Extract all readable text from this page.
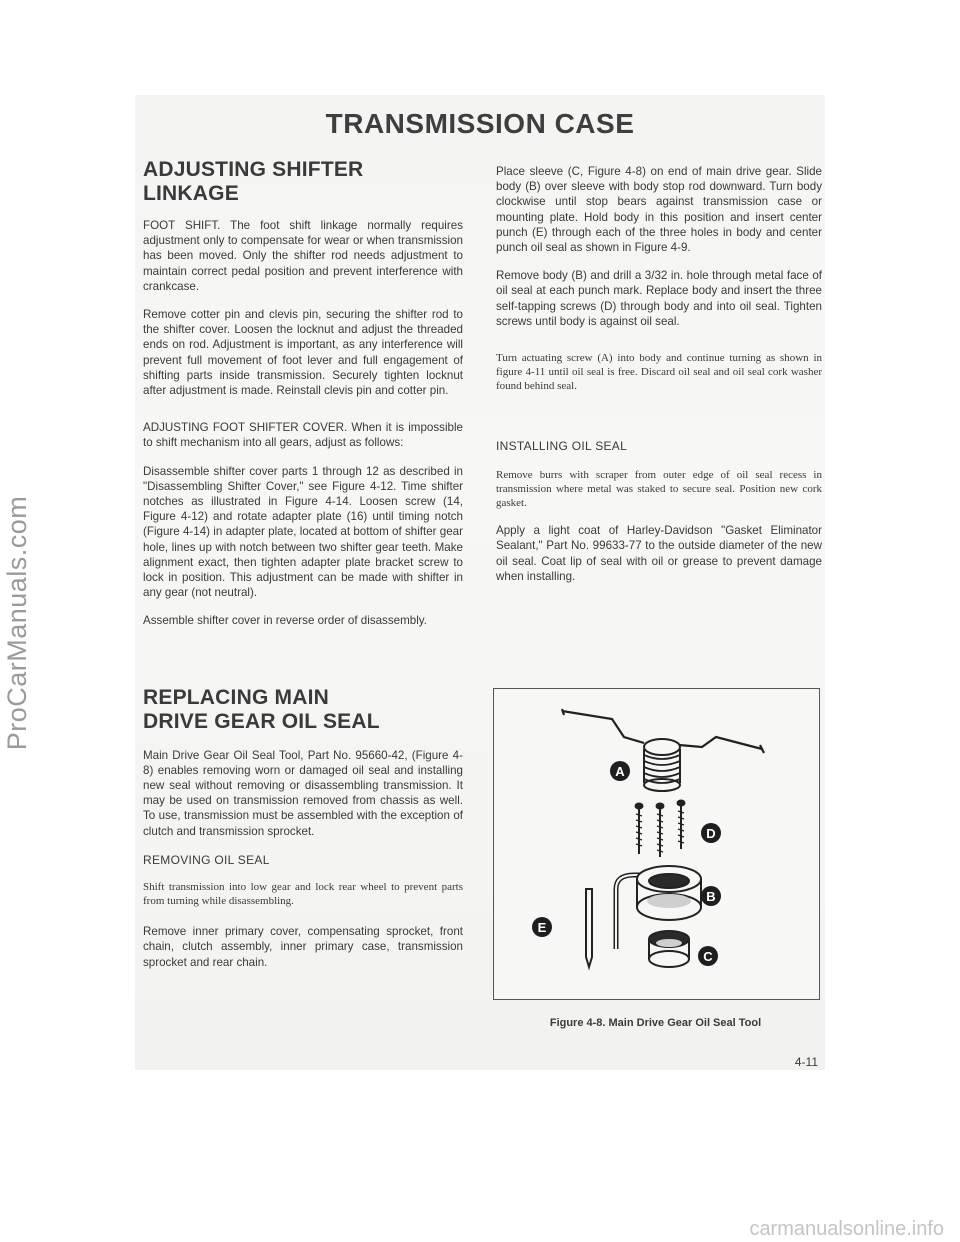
ProCarManuals.com
TRANSMISSION CASE
ADJUSTING SHIFTER LINKAGE

FOOT SHIFT. The foot shift linkage normally requires adjustment only to compensate for wear or when transmission has been moved. Only the shifter rod needs adjustment to maintain correct pedal position and prevent interference with crankcase.

Remove cotter pin and clevis pin, securing the shifter rod to the shifter cover. Loosen the locknut and adjust the threaded ends on rod. Adjustment is important, as any interference will prevent full movement of foot lever and full engagement of shifting parts inside transmission. Securely tighten locknut after adjustment is made. Reinstall clevis pin and cotter pin.

ADJUSTING FOOT SHIFTER COVER. When it is impossible to shift mechanism into all gears, adjust as follows:

Disassemble shifter cover parts 1 through 12 as described in "Disassembling Shifter Cover," see Figure 4-12. Time shifter notches as illustrated in Figure 4-14. Loosen screw (14, Figure 4-12) and rotate adapter plate (16) until timing notch (Figure 4-14) in adapter plate, located at bottom of shifter gear hole, lines up with notch between two shifter gear teeth. Make alignment exact, then tighten adapter plate bracket screw to lock in position. This adjustment can be made with shifter in any gear (not neutral).

Assemble shifter cover in reverse order of disassembly.

REPLACING MAIN
DRIVE GEAR OIL SEAL

Main Drive Gear Oil Seal Tool, Part No. 95660-42, (Figure 4-8) enables removing worn or damaged oil seal and installing new seal without removing or disassembling transmission. It may be used on transmission removed from chassis as well. To use, transmission must be assembled with the exception of clutch and transmission sprocket.

REMOVING OIL SEAL

Shift transmission into low gear and lock rear wheel to prevent parts from turning while disassembling.

Remove inner primary cover, compensating sprocket, front chain, clutch assembly, inner primary case, transmission sprocket and rear chain.

Place sleeve (C, Figure 4-8) on end of main drive gear. Slide body (B) over sleeve with body stop rod downward. Turn body clockwise until stop bears against transmission case or mounting plate. Hold body in this position and insert center punch (E) through each of the three holes in body and center punch oil seal as shown in Figure 4-9.

Remove body (B) and drill a 3/32 in. hole through metal face of oil seal at each punch mark. Replace body and insert the three self-tapping screws (D) through body and into oil seal. Tighten screws until body is against oil seal.

Turn actuating screw (A) into body and continue turning as shown in figure 4-11 until oil seal is free. Discard oil seal and oil seal cork washer found behind seal.

INSTALLING OIL SEAL

Remove burrs with scraper from outer edge of oil seal recess in transmission where metal was staked to secure seal. Position new cork gasket.

Apply a light coat of Harley-Davidson "Gasket Eliminator Sealant," Part No. 99633-77 to the outside diameter of the new oil seal. Coat lip of seal with oil or grease to prevent damage when installing.

A
D
B
E
C
Figure 4-8. Main Drive Gear Oil Seal Tool
4-11
carmanualsonline.info
